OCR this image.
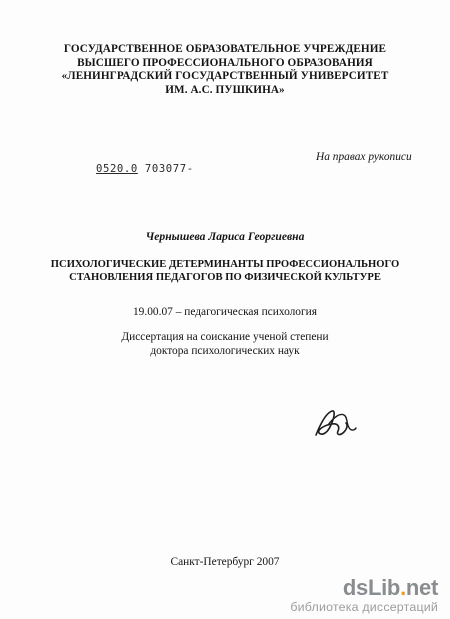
ГОСУДАРСТВЕННОЕ ОБРАЗОВАТЕЛЬНОЕ УЧРЕЖДЕНИЕ
ВЫСШЕГО ПРОФЕССИОНАЛЬНОГО ОБРАЗОВАНИЯ
«ЛЕНИНГРАДСКИЙ ГОСУДАРСТВЕННЫЙ УНИВЕРСИТЕТ
ИМ. А.С. ПУШКИНА»
На правах рукописи
0520.0 703077-
Чернышева Лариса Георгиевна
ПСИХОЛОГИЧЕСКИЕ ДЕТЕРМИНАНТЫ ПРОФЕССИОНАЛЬНОГО
СТАНОВЛЕНИЯ ПЕДАГОГОВ ПО ФИЗИЧЕСКОЙ КУЛЬТУРЕ
19.00.07 – педагогическая психология
Диссертация на соискание ученой степени
доктора психологических наук
Санкт-Петербург 2007
dsLib.net
библиотека диссертаций
